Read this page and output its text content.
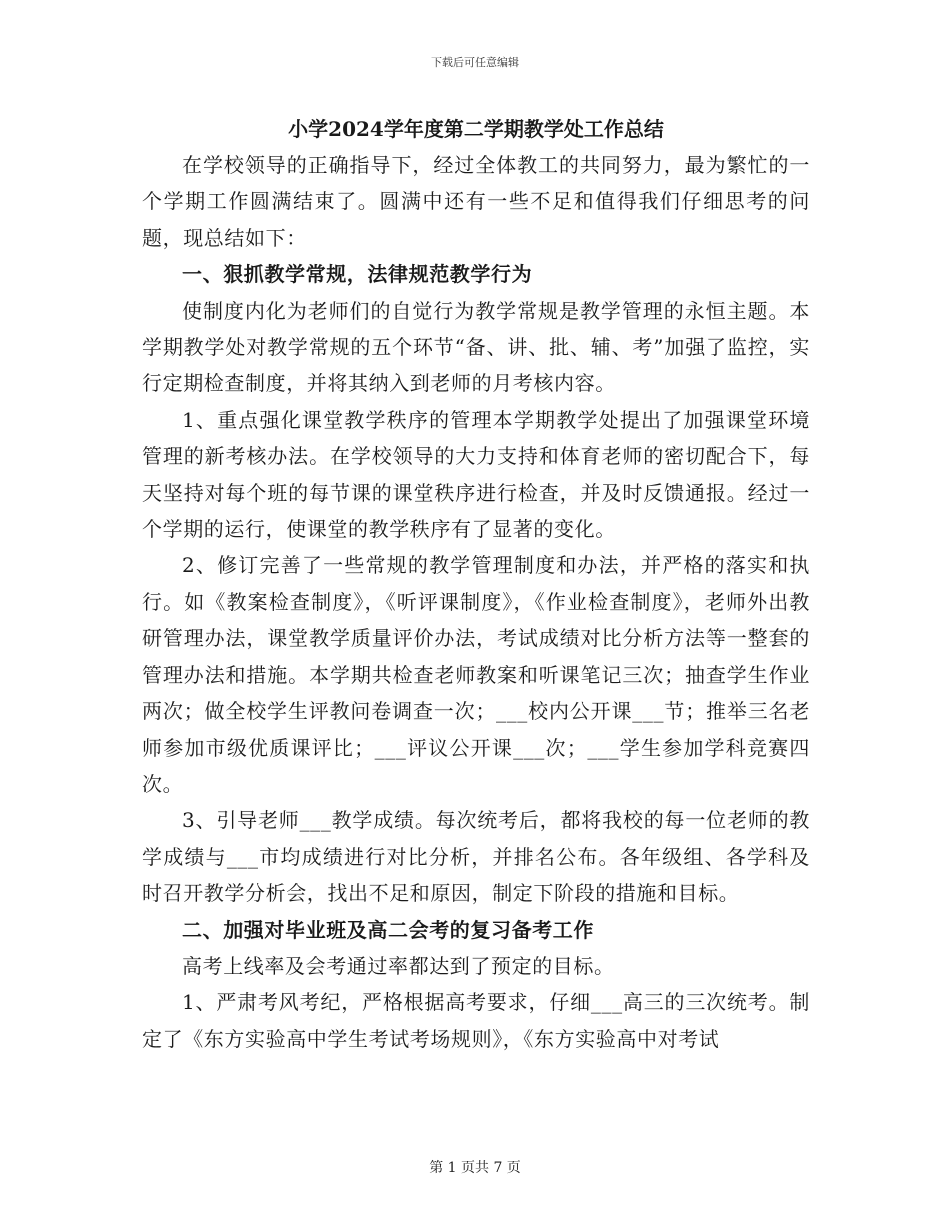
下载后可任意编辑
小学2024学年度第二学期教学处工作总结

在学校领导的正确指导下，经过全体教工的共同努力，最为繁忙的一个学期工作圆满结束了。圆满中还有一些不足和值得我们仔细思考的问题，现总结如下：

一、狠抓教学常规，法律规范教学行为

使制度内化为老师们的自觉行为教学常规是教学管理的永恒主题。本学期教学处对教学常规的五个环节“备、讲、批、辅、考”加强了监控，实行定期检查制度，并将其纳入到老师的月考核内容。

1、重点强化课堂教学秩序的管理本学期教学处提出了加强课堂环境管理的新考核办法。在学校领导的大力支持和体育老师的密切配合下，每天坚持对每个班的每节课的课堂秩序进行检查，并及时反馈通报。经过一个学期的运行，使课堂的教学秩序有了显著的变化。

2、修订完善了一些常规的教学管理制度和办法，并严格的落实和执行。如《教案检查制度》，《听评课制度》，《作业检查制度》，老师外出教研管理办法，课堂教学质量评价办法，考试成绩对比分析方法等一整套的管理办法和措施。本学期共检查老师教案和听课笔记三次；抽查学生作业两次；做全校学生评教问卷调查一次；___校内公开课___节；推举三名老师参加市级优质课评比；___评议公开课___次；___学生参加学科竞赛四次。

3、引导老师___教学成绩。每次统考后，都将我校的每一位老师的教学成绩与___市均成绩进行对比分析，并排名公布。各年级组、各学科及时召开教学分析会，找出不足和原因，制定下阶段的措施和目标。

二、加强对毕业班及高二会考的复习备考工作

高考上线率及会考通过率都达到了预定的目标。

1、严肃考风考纪，严格根据高考要求，仔细___高三的三次统考。制定了《东方实验高中学生考试考场规则》，《东方实验高中对考试

第 1 页共 7 页
